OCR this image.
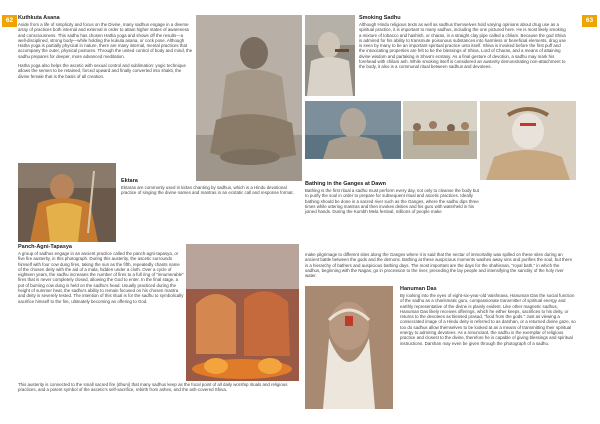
62	63
Kuthkuta Asana

Aside from a life of simplicity and focus on the Divine, many sadhus engage in a diverse array of practices both internal and external in order to attain higher states of awareness and consciousness. This sadhu has chosen Hatha yoga and shows off the results—a well-disciplined, strong body—while holding the kukuta asana, or cock pose. Although Hatha yoga is partially physical in nature, there are many internal, mental practices that accompany the outer, physical postures. Through the united control of body and mind, the sadhu prepares for deeper, more advanced meditation.

Hatha yoga also helps the ascetic with sexual control and sublimation: yogic technique allows the semen to be retained, forced upward and finally converted into shakti, the divine female that is the basis of all creation.

Smoking Sadhu

Although Hindu religious texts as well as sadhus themselves hold varying opinions about drug use as a spiritual practice, it is important to many sadhus, including the one pictured here. He is most likely smoking a mixture of tobacco and hashish, or charas, in a straight clay pipe called a chilam. Because the god Shiva is admired for his ability to transmute poisonous substances into harmless or beneficial elements, drug use is seen by many to be an important spiritual practice unto itself. Shiva is invoked before the first puff and the intoxicating properties are felt to be the blessings of Shiva, Lord of Charas, and a means of attaining divine wisdom and partaking in Shiva's ecstasy. As a final gesture of devotion, a sadhu may mark his forehead with chilam ash. While smoking itself is considered an austerity demonstrating non-attachment to the body, it also is a communal ritual between sadhus and devotees.

Ektara

Ektaras are commonly used in kirtan chanting by sadhus, which is a Hindu devotional practice of singing the divine names and mantras in an ecstatic call and response format.

Bathing in the Ganges at Dawn

Bathing is the first ritual a sadhu must perform every day, not only to cleanse the body but to purify the soul in order to prepare for subsequent ritual and ascetic practices. Ideally bathing should be done in a sacred river such as the Ganges, where the sadhu dips three times while uttering mantras and then invokes deities and his guru with waterheld in his joined hands. During the Kumbh Mela festival, millions of people make

make pilgrimage to different sites along the Ganges where it is said that the nectar of immortality was spilled on these sites during an ancient battle between the gods and the demons. Bathing at these auspicious moments washes away sins and purifies the soul, but there is a hierarchy of bathers and auspicious bathing days. The most important are the days for the shahisnan, "royal bath," in which the sadhus, beginning with the Nagas, go in procession to the river, preceding the lay people and intensifying the sanctity of the holy river water.

Panch-Agni-Tapasya

A group of sadhus engage in an ancient practice called the panch-agni-tapasya, or five fire austerity, in this photograph. During this austerity, the ascetic surrounds himself with four cow dung fires, taking the sun as the fifth, repeatedly chants name of the chosen deity with the aid of a mala, hidden under a cloth. Over a cycle of eighteen years, the sadhu increases the number of fires to a full ring of "innumerable" fires that is never completely closed, allowing the God to enter. In the final stage, a pot of burning cow dung is held on the sadhu's head. Usually practiced during the height of summer heat, the sadhu's ability to remain focused on his chosen mantra and deity is severely tested. The intention of this ritual is for the sadhu to symbolically sacrifice himself to the fire, ultimately becoming an offering to God.

This austerity is connected to the small sacred fire (dhuni) that many sadhus keep as the focal point of all daily worship rituals and religious practices, and a potent symbol of the ascetic's self-sacrifice, rebirth from ashes, and the ash-covered Shiva.

Hanuman Das

By looking into the eyes of eight-six-year-old Vaishnava, Hanuman Das the social function of the sadhu as a charismatic guru, compassionate transmitter of spiritual energy and earthly representative of the divine is plainly evident. Like other magnetic sadhus, Hanuman Das likely receives offerings, which he either keeps, sacrifices to his deity, or returns to the devotees as blessed prasad, "food from the gods." Just as viewing a consecrated image of a Hindu deity is referred to as darshan, or a returned divine gaze, so too do sadhus allow themselves to be looked at as a means of transmitting their spiritual energy to admiring devotees. As a renunciant, the sadhu is the exemplar of religious practice and closest to the divine, therefore he is capable of giving blessings and spiritual instructions. Darshan may even be given through the photograph of a sadhu.
